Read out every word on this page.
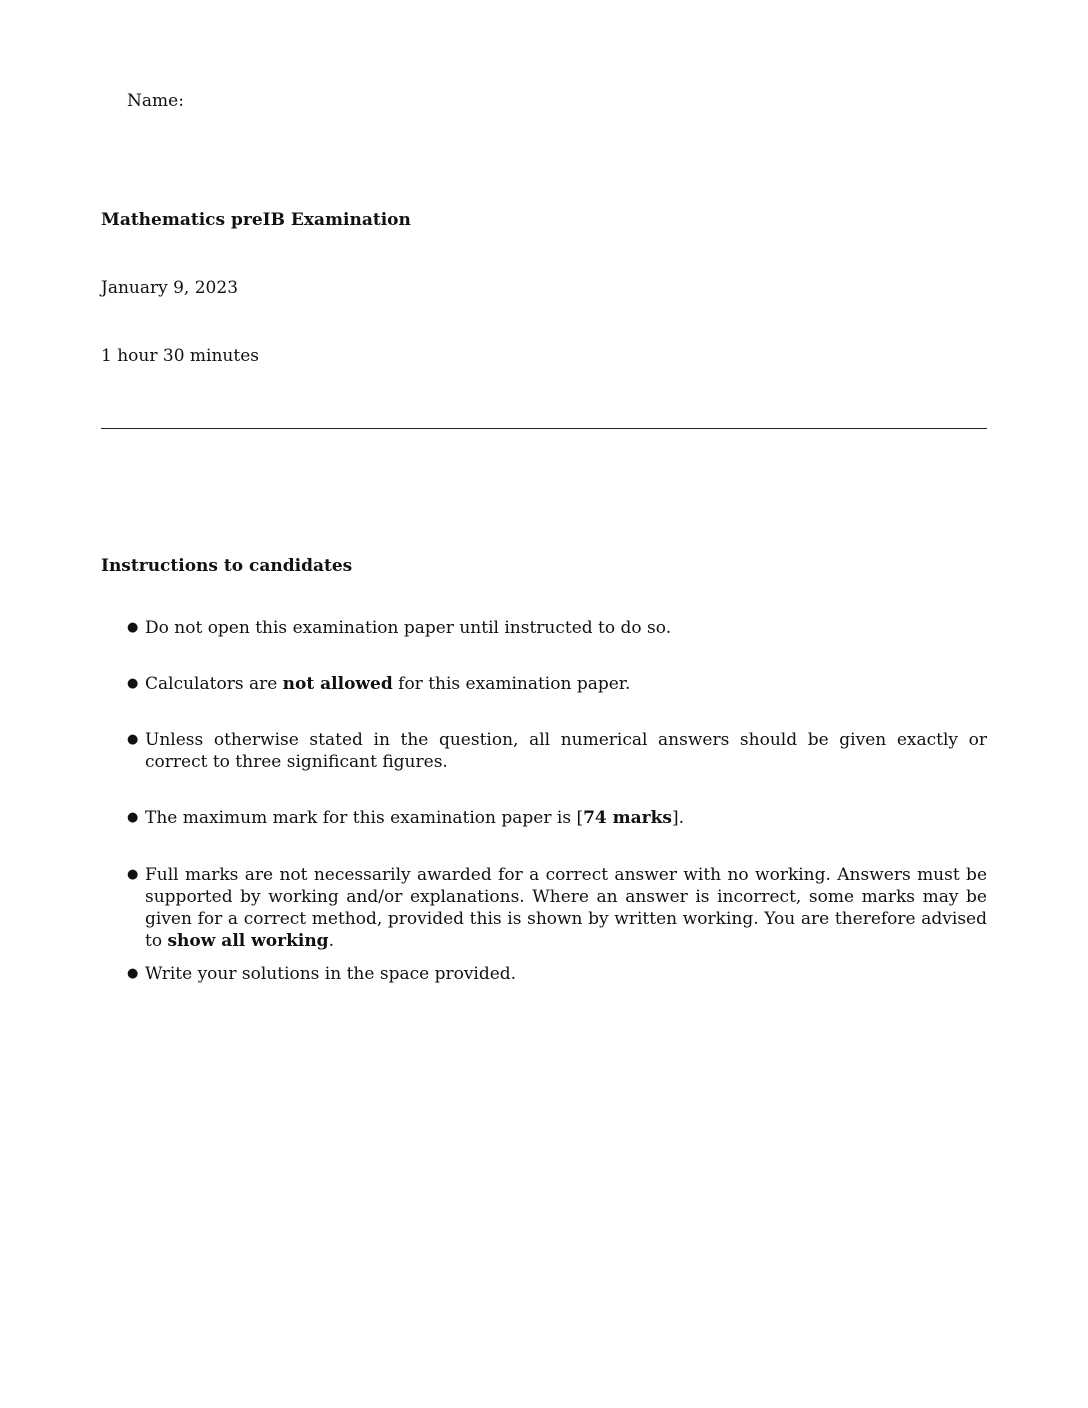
Name:

Mathematics preIB Examination

January 9, 2023

1 hour 30 minutes

Instructions to candidates

● Do not open this examination paper until instructed to do so.
● Calculators are not allowed for this examination paper.
● Unless otherwise stated in the question, all numerical answers should be given exactly or correct to three significant figures.
● The maximum mark for this examination paper is [74 marks].
● Full marks are not necessarily awarded for a correct answer with no working. Answers must be supported by working and/or explanations. Where an answer is incorrect, some marks may be given for a correct method, provided this is shown by written working. You are therefore advised to show all working.
● Write your solutions in the space provided.
